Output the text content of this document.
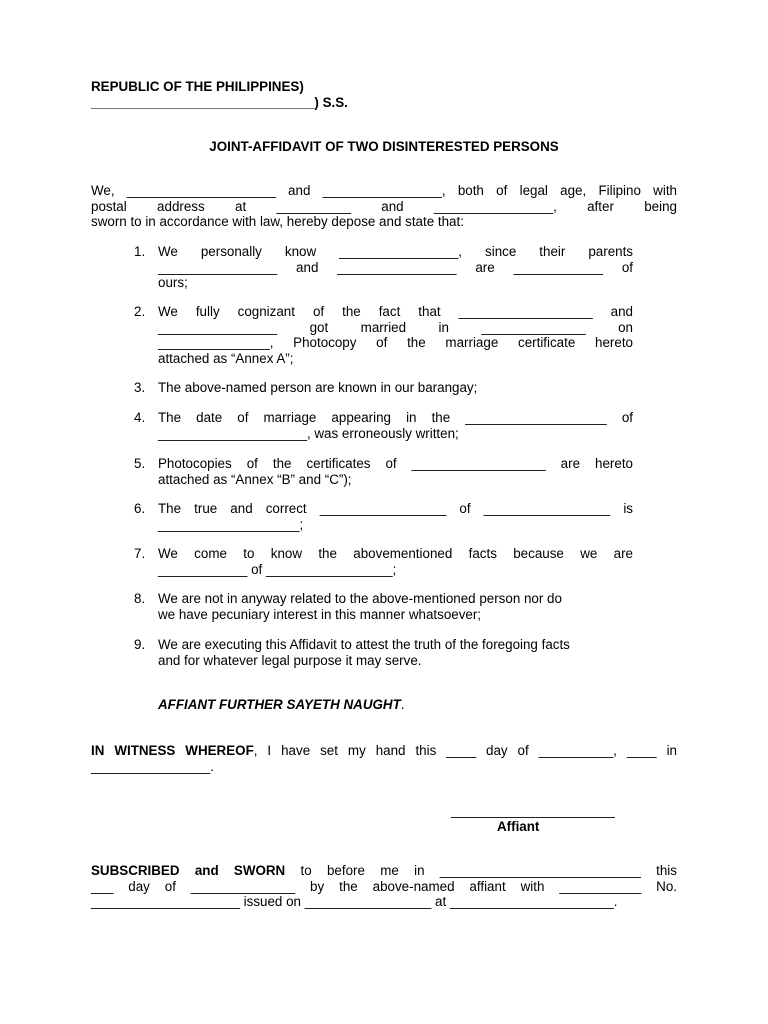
REPUBLIC OF THE PHILIPPINES)
______________________________) S.S.
JOINT-AFFIDAVIT OF TWO DISINTERESTED PERSONS
We, ____________________ and ________________, both of legal age, Filipino with
postal address at __________ and ________________, after being
sworn to in accordance with law, hereby depose and state that:
1. We personally know ________________, since their parents
________________ and ________________ are ____________ of
ours;
2. We fully cognizant of the fact that __________________ and
________________ got married in ______________ on
_______________, Photocopy of the marriage certificate hereto
attached as “Annex A”;
3. The above-named person are known in our barangay;
4. The date of marriage appearing in the ___________________ of
____________________, was erroneously written;
5. Photocopies of the certificates of __________________ are hereto
attached as “Annex “B” and “C”);
6. The true and correct _________________ of _________________ is
___________________;
7. We come to know the abovementioned facts because we are
____________ of _________________;
8. We are not in anyway related to the above-mentioned person nor do
we have pecuniary interest in this manner whatsoever;
9. We are executing this Affidavit to attest the truth of the foregoing facts
and for whatever legal purpose it may serve.
AFFIANT FURTHER SAYETH NAUGHT.
IN WITNESS WHEREOF, I have set my hand this ____ day of __________, ____ in
________________.
______________________
Affiant
SUBSCRIBED and SWORN to before me in ___________________________ this
___ day of ______________ by the above-named affiant with ___________ No.
____________________ issued on _________________ at ______________________.
